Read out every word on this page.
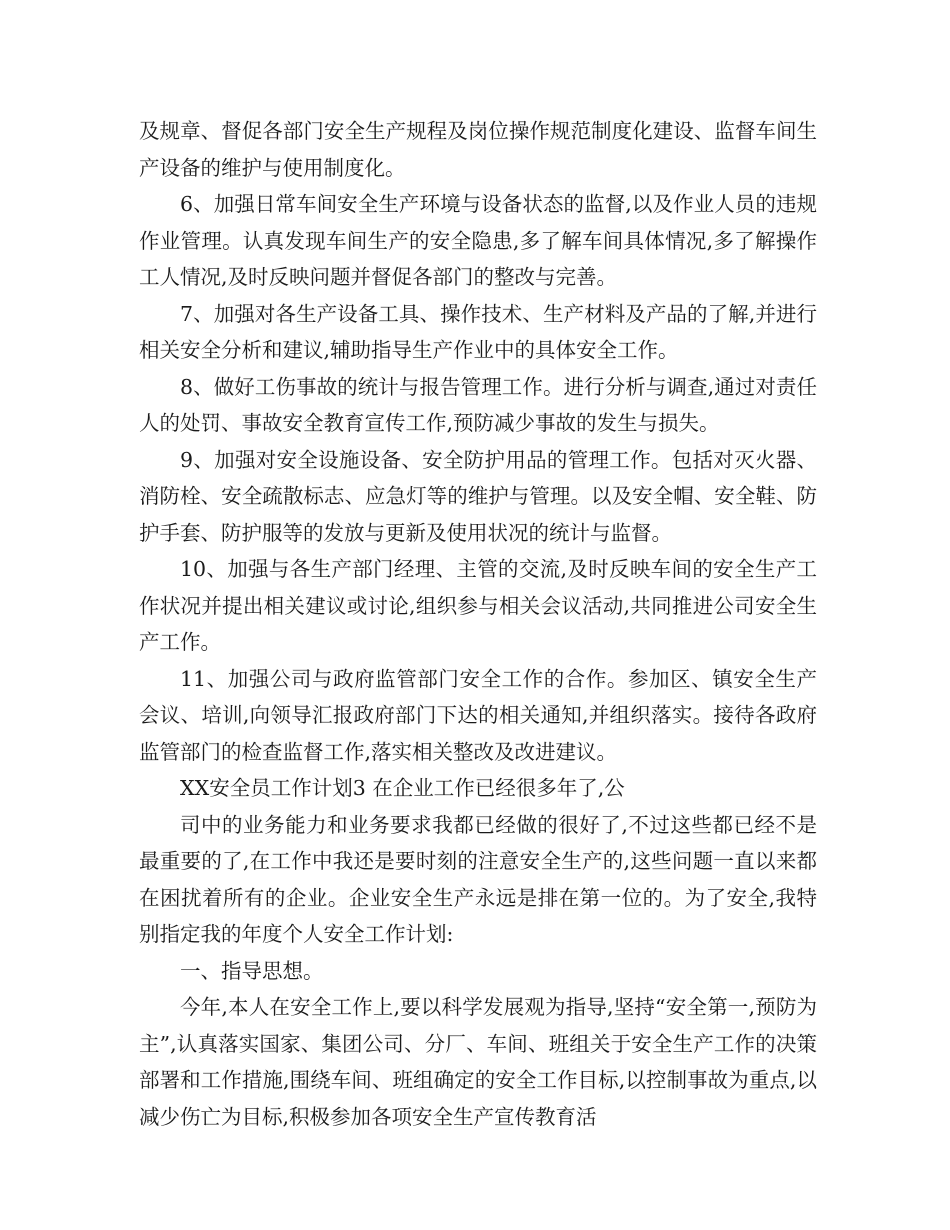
及规章、督促各部门安全生产规程及岗位操作规范制度化建设、监督车间生产设备的维护与使用制度化。

6、加强日常车间安全生产环境与设备状态的监督,以及作业人员的违规作业管理。认真发现车间生产的安全隐患,多了解车间具体情况,多了解操作工人情况,及时反映问题并督促各部门的整改与完善。

7、加强对各生产设备工具、操作技术、生产材料及产品的了解,并进行相关安全分析和建议,辅助指导生产作业中的具体安全工作。

8、做好工伤事故的统计与报告管理工作。进行分析与调查,通过对责任人的处罚、事故安全教育宣传工作,预防减少事故的发生与损失。

9、加强对安全设施设备、安全防护用品的管理工作。包括对灭火器、消防栓、安全疏散标志、应急灯等的维护与管理。以及安全帽、安全鞋、防护手套、防护服等的发放与更新及使用状况的统计与监督。

10、加强与各生产部门经理、主管的交流,及时反映车间的安全生产工作状况并提出相关建议或讨论,组织参与相关会议活动,共同推进公司安全生产工作。

11、加强公司与政府监管部门安全工作的合作。参加区、镇安全生产会议、培训,向领导汇报政府部门下达的相关通知,并组织落实。接待各政府监管部门的检查监督工作,落实相关整改及改进建议。

XX安全员工作计划3 在企业工作已经很多年了,公

司中的业务能力和业务要求我都已经做的很好了,不过这些都已经不是最重要的了,在工作中我还是要时刻的注意安全生产的,这些问题一直以来都在困扰着所有的企业。企业安全生产永远是排在第一位的。为了安全,我特别指定我的年度个人安全工作计划:

一、指导思想。

今年,本人在安全工作上,要以科学发展观为指导,坚持“安全第一,预防为主”,认真落实国家、集团公司、分厂、车间、班组关于安全生产工作的决策部署和工作措施,围绕车间、班组确定的安全工作目标,以控制事故为重点,以减少伤亡为目标,积极参加各项安全生产宣传教育活
